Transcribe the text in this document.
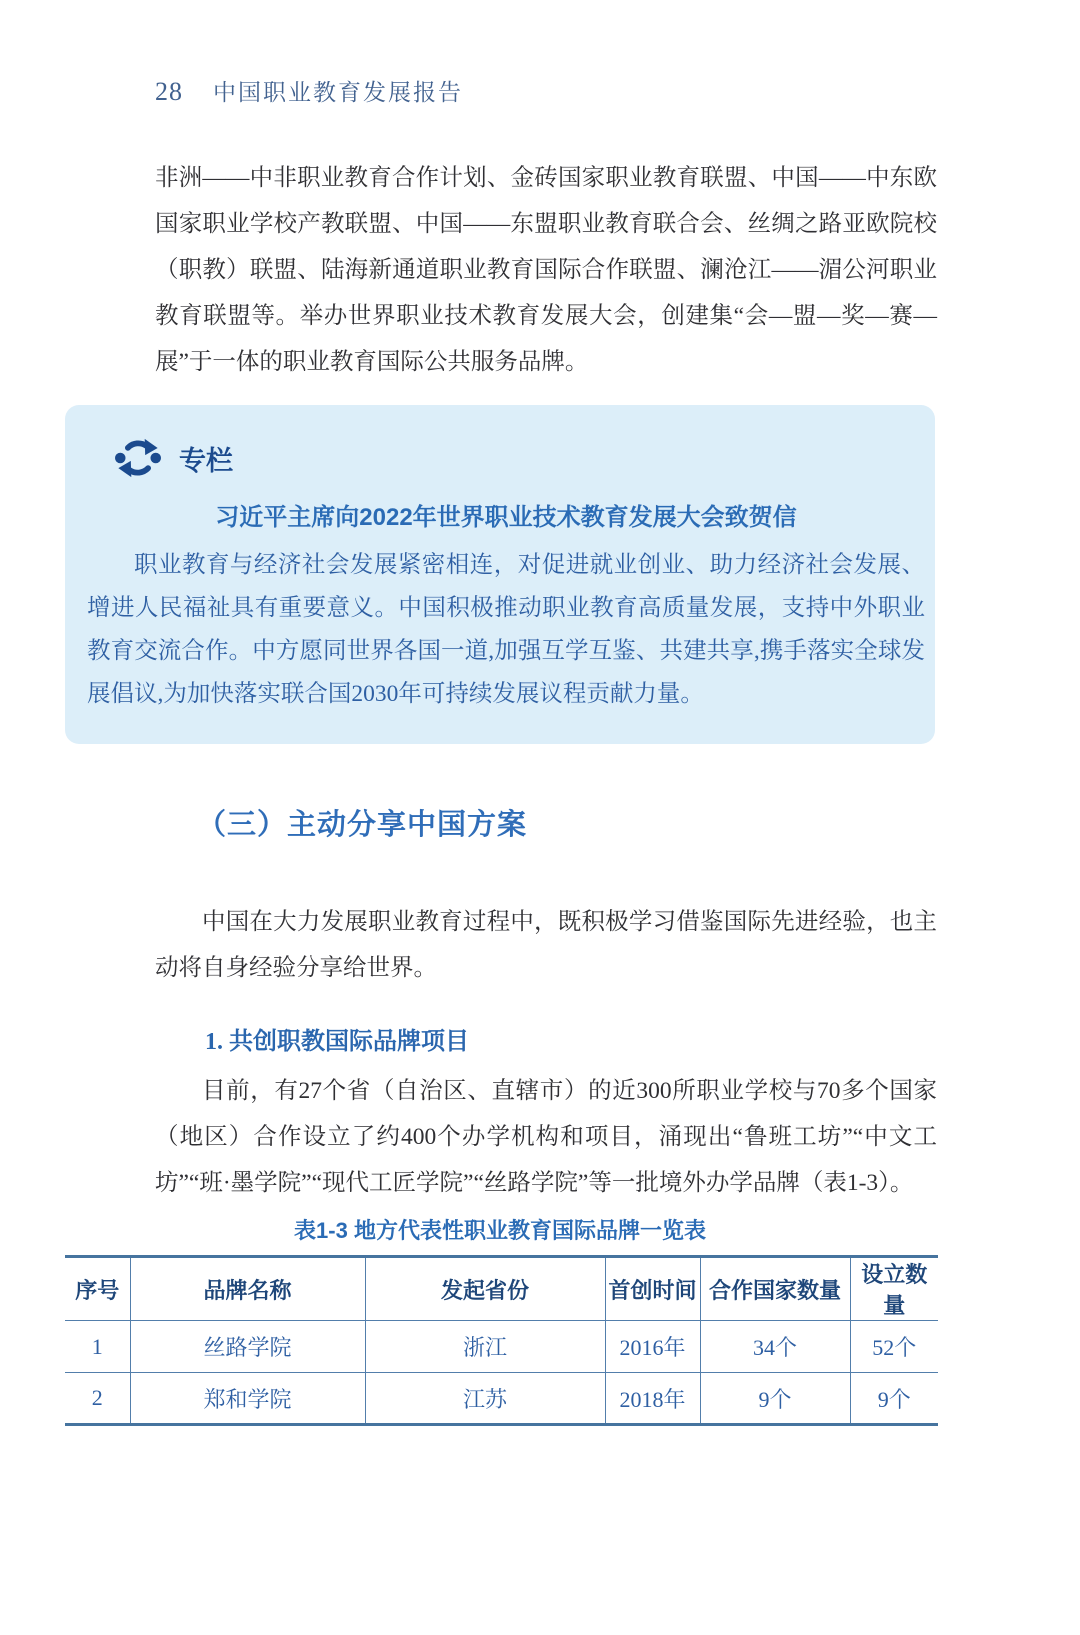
28 中国职业教育发展报告

非洲——中非职业教育合作计划、金砖国家职业教育联盟、中国——中东欧国家职业学校产教联盟、中国——东盟职业教育联合会、丝绸之路亚欧院校（职教）联盟、陆海新通道职业教育国际合作联盟、澜沧江——湄公河职业教育联盟等。举办世界职业技术教育发展大会，创建集“会—盟—奖—赛—展”于一体的职业教育国际公共服务品牌。

专栏
习近平主席向2022年世界职业技术教育发展大会致贺信

职业教育与经济社会发展紧密相连，对促进就业创业、助力经济社会发展、增进人民福祉具有重要意义。中国积极推动职业教育高质量发展，支持中外职业教育交流合作。中方愿同世界各国一道,加强互学互鉴、共建共享,携手落实全球发展倡议,为加快落实联合国2030年可持续发展议程贡献力量。

（三）主动分享中国方案

中国在大力发展职业教育过程中，既积极学习借鉴国际先进经验，也主动将自身经验分享给世界。

1. 共创职教国际品牌项目

目前，有27个省（自治区、直辖市）的近300所职业学校与70多个国家（地区）合作设立了约400个办学机构和项目，涌现出“鲁班工坊”“中文工坊”“班·墨学院”“现代工匠学院”“丝路学院”等一批境外办学品牌（表1-3）。

表1-3 地方代表性职业教育国际品牌一览表
序号	品牌名称	发起省份	首创时间	合作国家数量	设立数量
1	丝路学院	浙江	2016年	34个	52个
2	郑和学院	江苏	2018年	9个	9个
